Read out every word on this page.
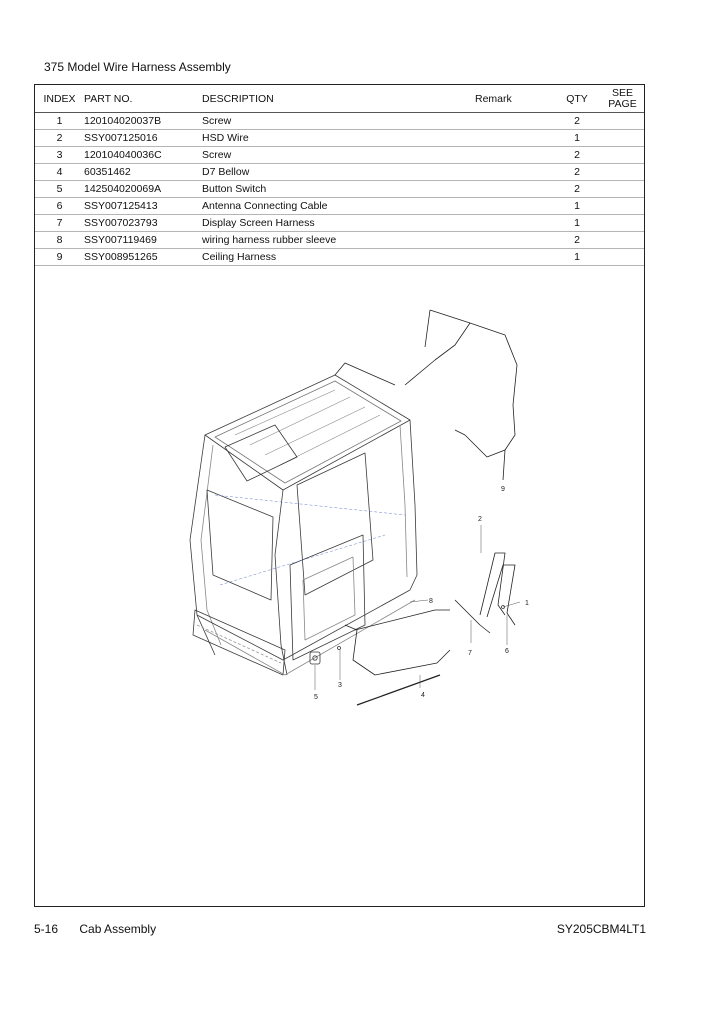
375 Model Wire Harness Assembly
INDEX	PART NO.	DESCRIPTION	Remark	QTY	SEE
PAGE

1	120104020037B	Screw		2	
2	SSY007125016	HSD Wire		1	
3	120104040036C	Screw		2	
4	60351462	D7 Bellow		2	
5	142504020069A	Button Switch		2	
6	SSY007125413	Antenna Connecting Cable		1	
7	SSY007023793	Display Screen Harness		1	
8	SSY007119469	wiring harness rubber sleeve		2	
9	SSY008951265	Ceiling Harness		1	
1
2
3
4
5
6
7
8
9
5-16 Cab Assembly	SY205CBM4LT1
